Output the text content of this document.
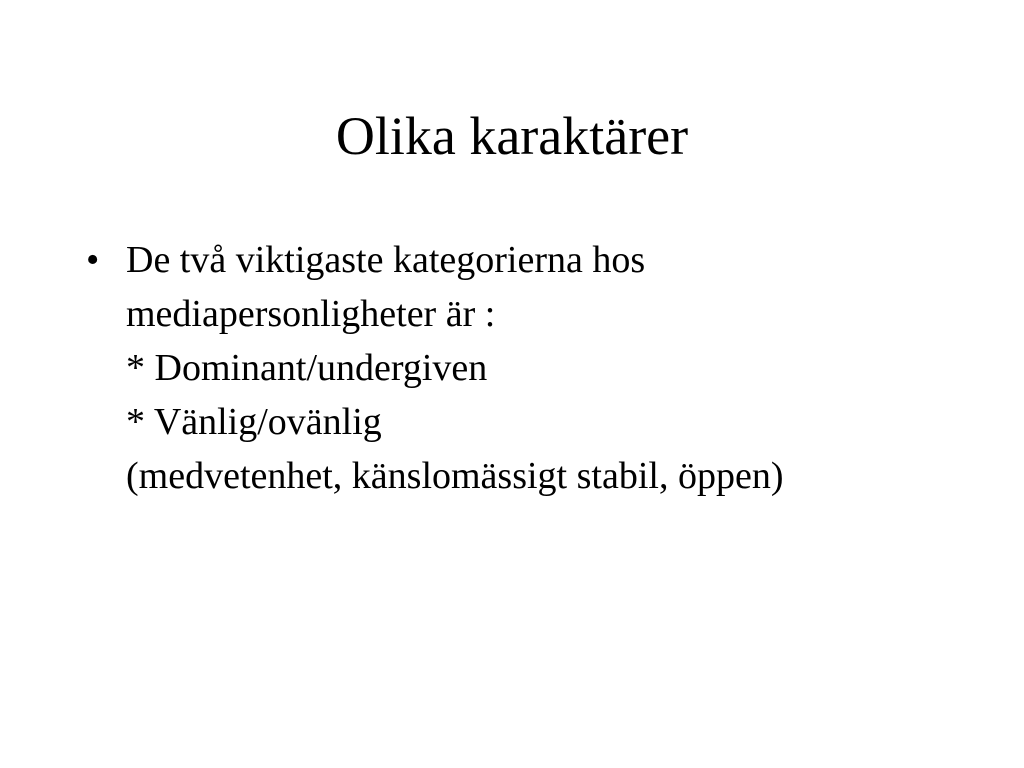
Olika karaktärer
• De två viktigaste kategorierna hos
mediapersonligheter är :
* Dominant/undergiven
* Vänlig/ovänlig
(medvetenhet, känslomässigt stabil, öppen)
